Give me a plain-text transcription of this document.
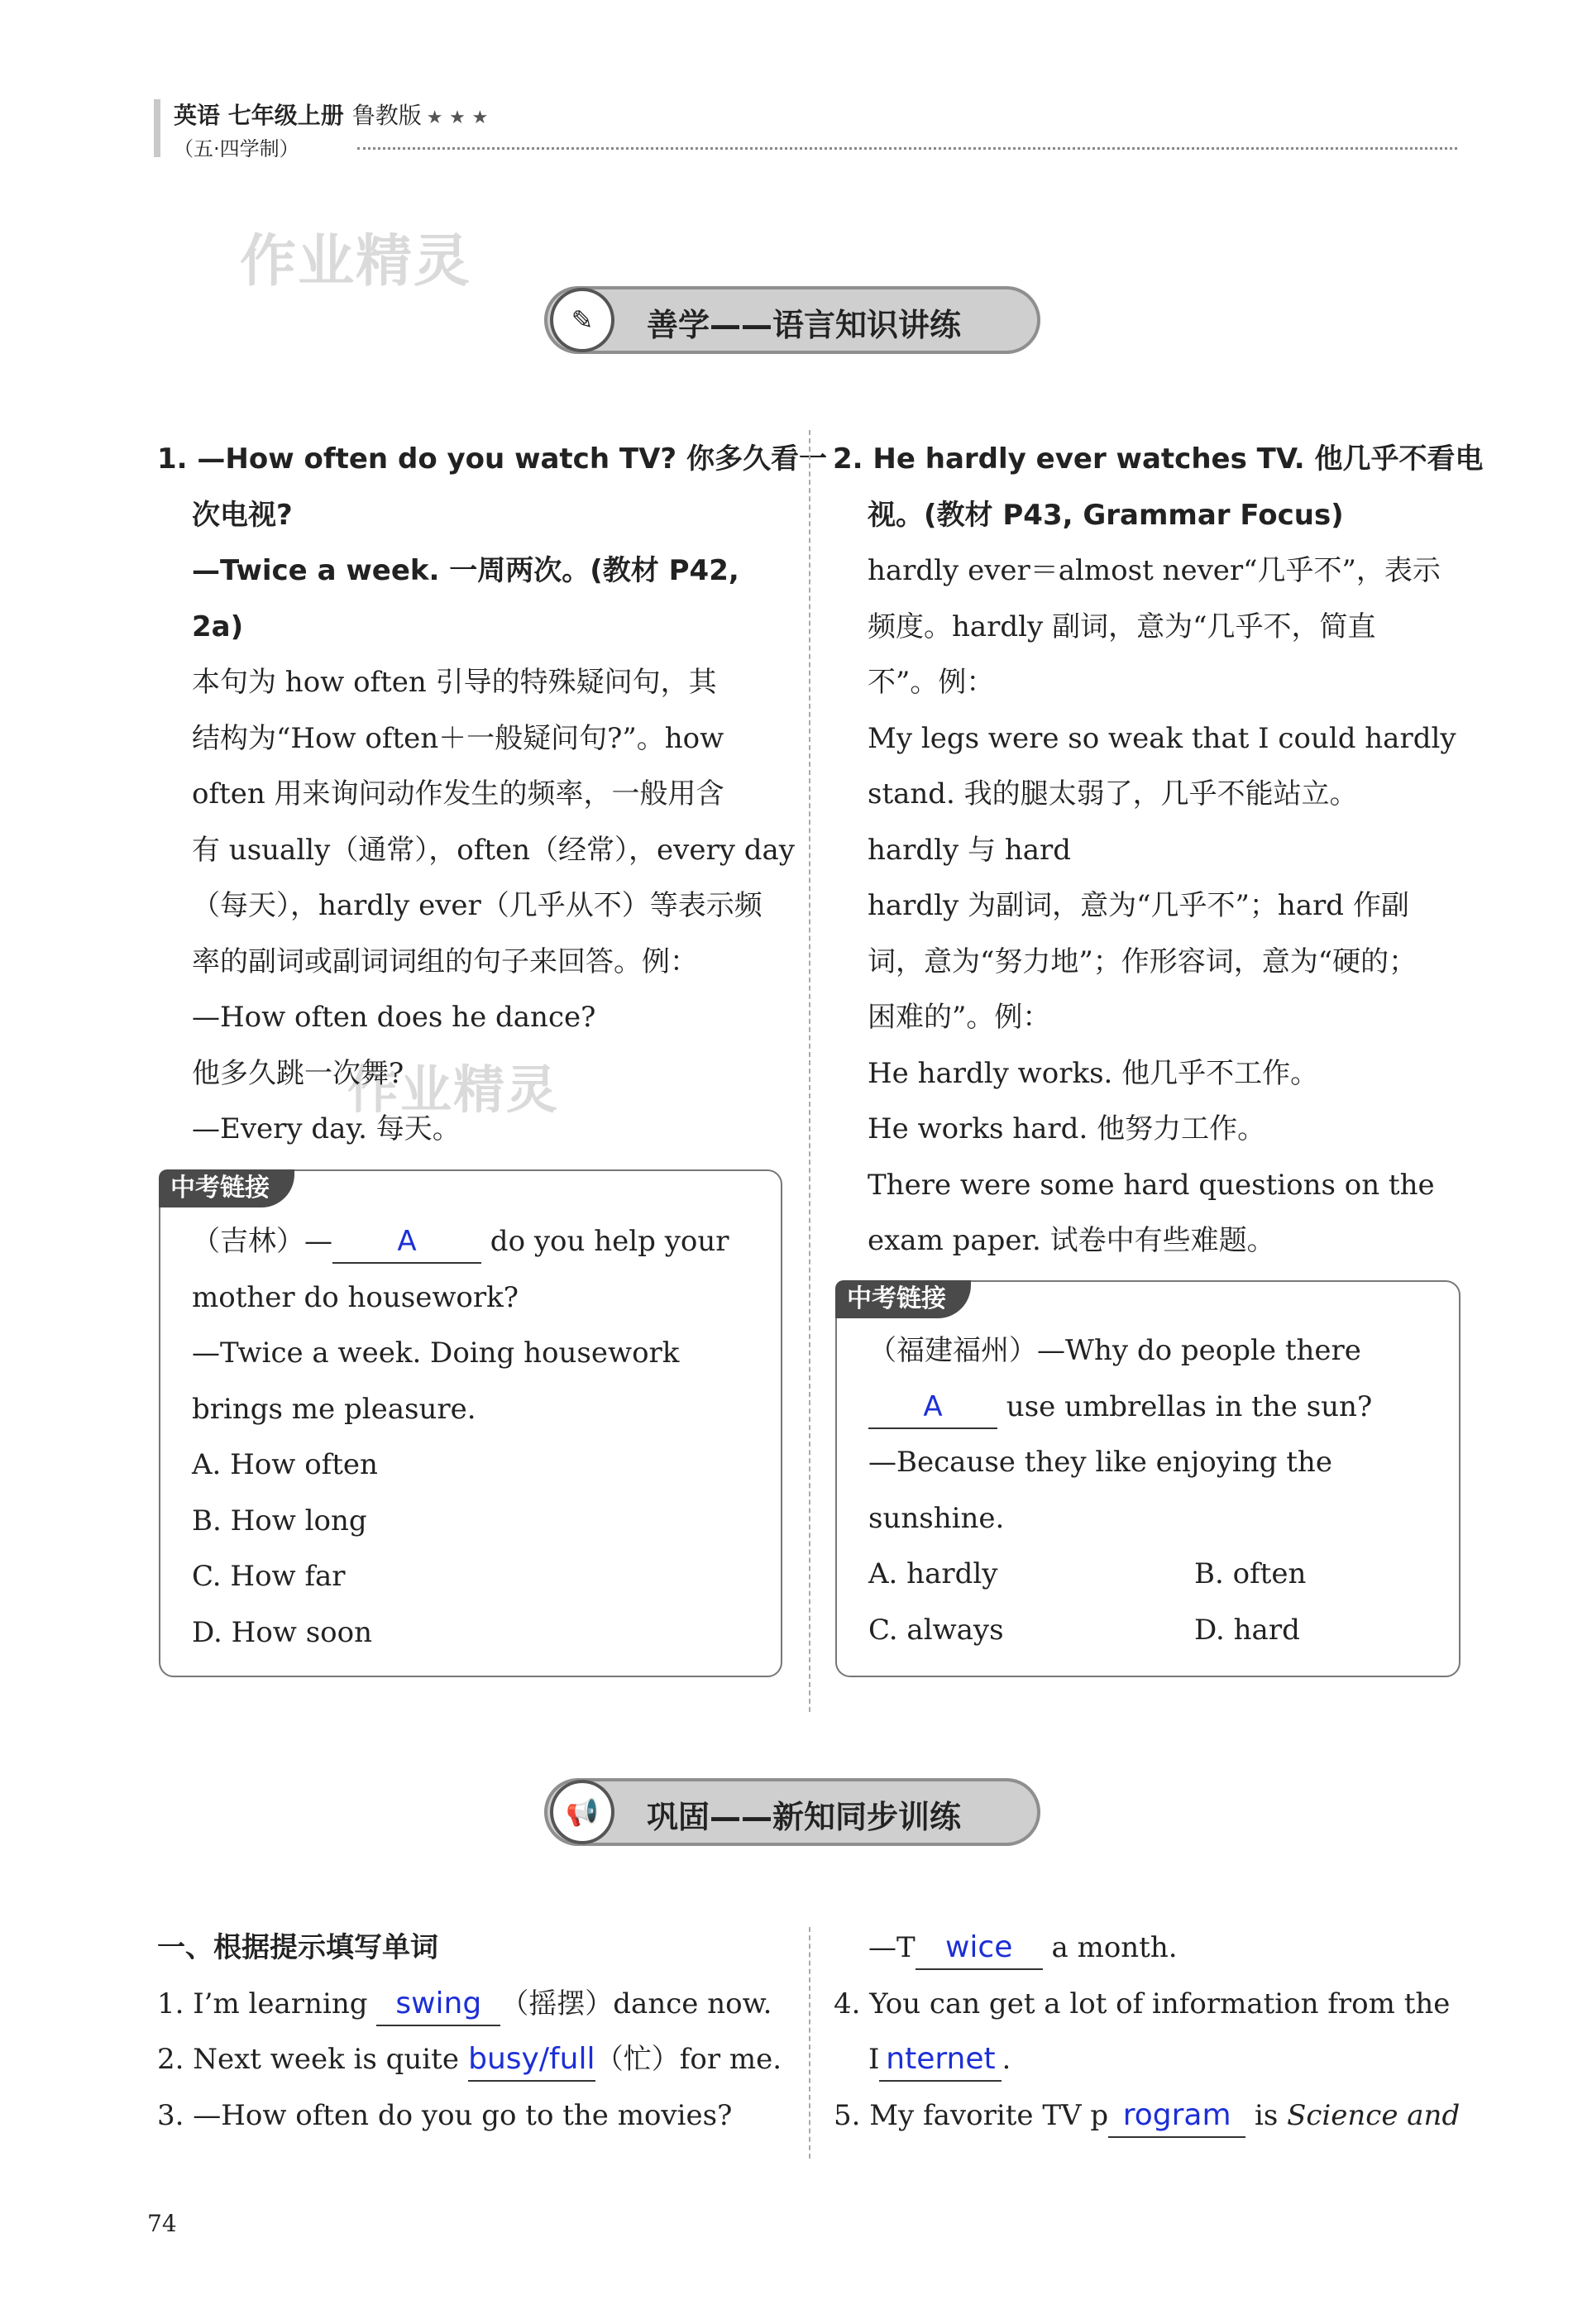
英语 七年级上册 鲁教版 ★ ★ ★
（五·四学制）
作业精灵
作业精灵
✎	善学——语言知识讲练

1. —How often do you watch TV? 你多久看一

次电视?

—Twice a week. 一周两次。(教材 P42,

2a)

本句为 how often 引导的特殊疑问句，其

结构为“How often＋一般疑问句?”。how

often 用来询问动作发生的频率，一般用含

有 usually（通常），often（经常），every day

（每天），hardly ever（几乎从不）等表示频

率的副词或副词词组的句子来回答。例：

—How often does he dance?

他多久跳一次舞?

—Every day. 每天。

中考链接

（吉林）— A do you help your

mother do housework?

—Twice a week. Doing housework

brings me pleasure.

A. How often

B. How long

C. How far

D. How soon

2. He hardly ever watches TV. 他几乎不看电

视。(教材 P43, Grammar Focus)

hardly ever＝almost never“几乎不”，表示

频度。hardly 副词，意为“几乎不，简直

不”。例：

My legs were so weak that I could hardly

stand. 我的腿太弱了，几乎不能站立。

hardly 与 hard

hardly 为副词，意为“几乎不”；hard 作副

词，意为“努力地”；作形容词，意为“硬的；

困难的”。例：

He hardly works. 他几乎不工作。

He works hard. 他努力工作。

There were some hard questions on the

exam paper. 试卷中有些难题。

中考链接

（福建福州）—Why do people there

A use umbrellas in the sun?

—Because they like enjoying the

sunshine.

A. hardly	B. often

C. always	D. hard

📢	巩固——新知同步训练

一、根据提示填写单词

1. I’m learning swing （摇摆）dance now.

2. Next week is quite busy/full（忙）for me.

3. —How often do you go to the movies?

—T wice a month.

4. You can get a lot of information from the

I nternet .

5. My favorite TV p rogram is Science and

74
